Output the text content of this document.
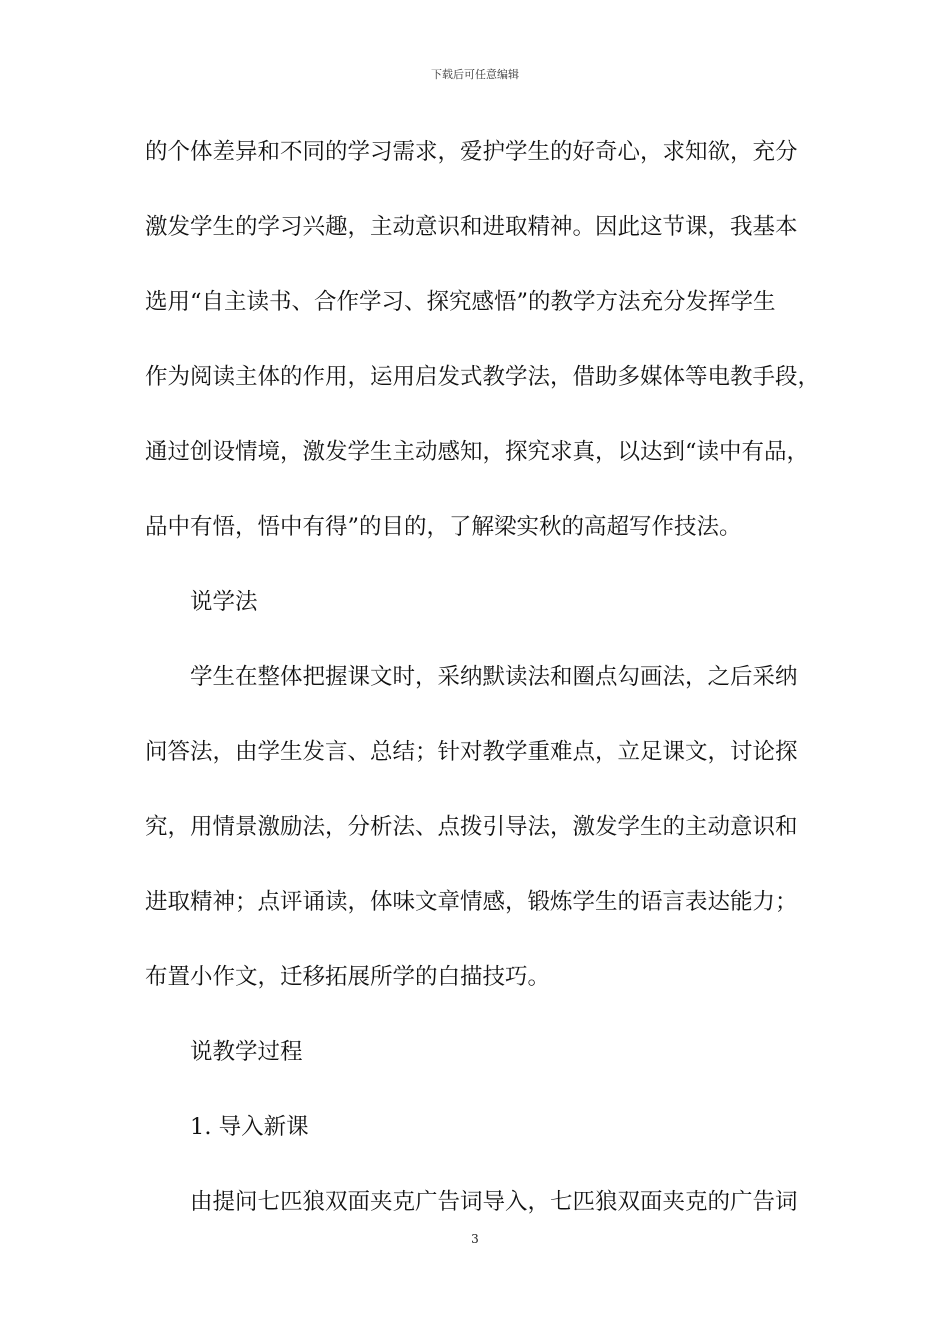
下载后可任意编辑
的个体差异和不同的学习需求，爱护学生的好奇心，求知欲，充分
激发学生的学习兴趣，主动意识和进取精神。因此这节课，我基本
选用“自主读书、合作学习、探究感悟”的教学方法充分发挥学生
作为阅读主体的作用，运用启发式教学法，借助多媒体等电教手段，
通过创设情境，激发学生主动感知，探究求真，以达到“读中有品，
品中有悟，悟中有得”的目的，了解梁实秋的高超写作技法。
说学法
学生在整体把握课文时，采纳默读法和圈点勾画法，之后采纳
问答法，由学生发言、总结；针对教学重难点，立足课文，讨论探
究，用情景激励法，分析法、点拨引导法，激发学生的主动意识和
进取精神；点评诵读，体味文章情感，锻炼学生的语言表达能力；
布置小作文，迁移拓展所学的白描技巧。
说教学过程
1. 导入新课
由提问七匹狼双面夹克广告词导入，七匹狼双面夹克的广告词
3
